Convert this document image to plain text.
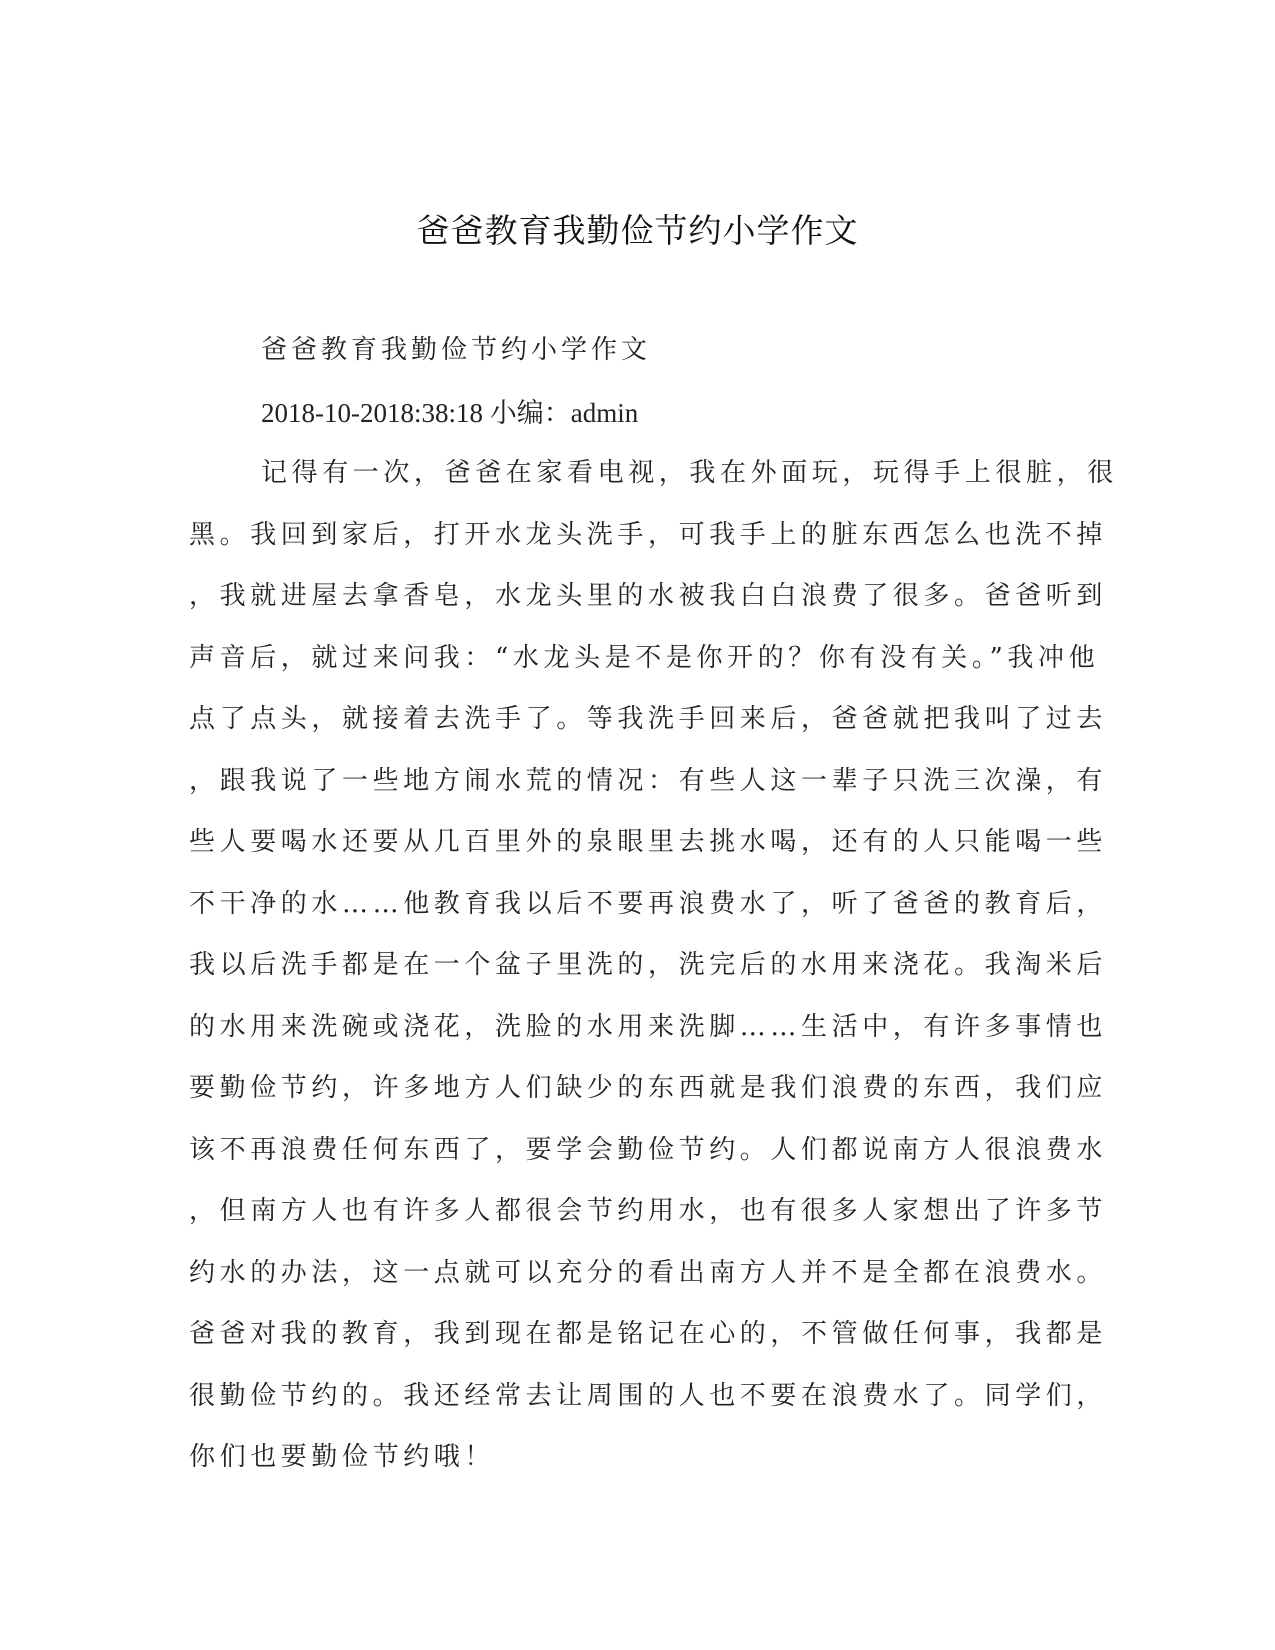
爸爸教育我勤俭节约小学作文
爸爸教育我勤俭节约小学作文
2018-10-2018:38:18 小编：admin
记得有一次，爸爸在家看电视，我在外面玩，玩得手上很脏，很
黑。我回到家后，打开水龙头洗手，可我手上的脏东西怎么也洗不掉
，我就进屋去拿香皂，水龙头里的水被我白白浪费了很多。爸爸听到
声音后，就过来问我：“水龙头是不是你开的？你有没有关。”我冲他
点了点头，就接着去洗手了。等我洗手回来后，爸爸就把我叫了过去
，跟我说了一些地方闹水荒的情况：有些人这一辈子只洗三次澡，有
些人要喝水还要从几百里外的泉眼里去挑水喝，还有的人只能喝一些
不干净的水……他教育我以后不要再浪费水了，听了爸爸的教育后，
我以后洗手都是在一个盆子里洗的，洗完后的水用来浇花。我淘米后
的水用来洗碗或浇花，洗脸的水用来洗脚……生活中，有许多事情也
要勤俭节约，许多地方人们缺少的东西就是我们浪费的东西，我们应
该不再浪费任何东西了，要学会勤俭节约。人们都说南方人很浪费水
，但南方人也有许多人都很会节约用水，也有很多人家想出了许多节
约水的办法，这一点就可以充分的看出南方人并不是全都在浪费水。
爸爸对我的教育，我到现在都是铭记在心的，不管做任何事，我都是
很勤俭节约的。我还经常去让周围的人也不要在浪费水了。同学们，
你们也要勤俭节约哦！
